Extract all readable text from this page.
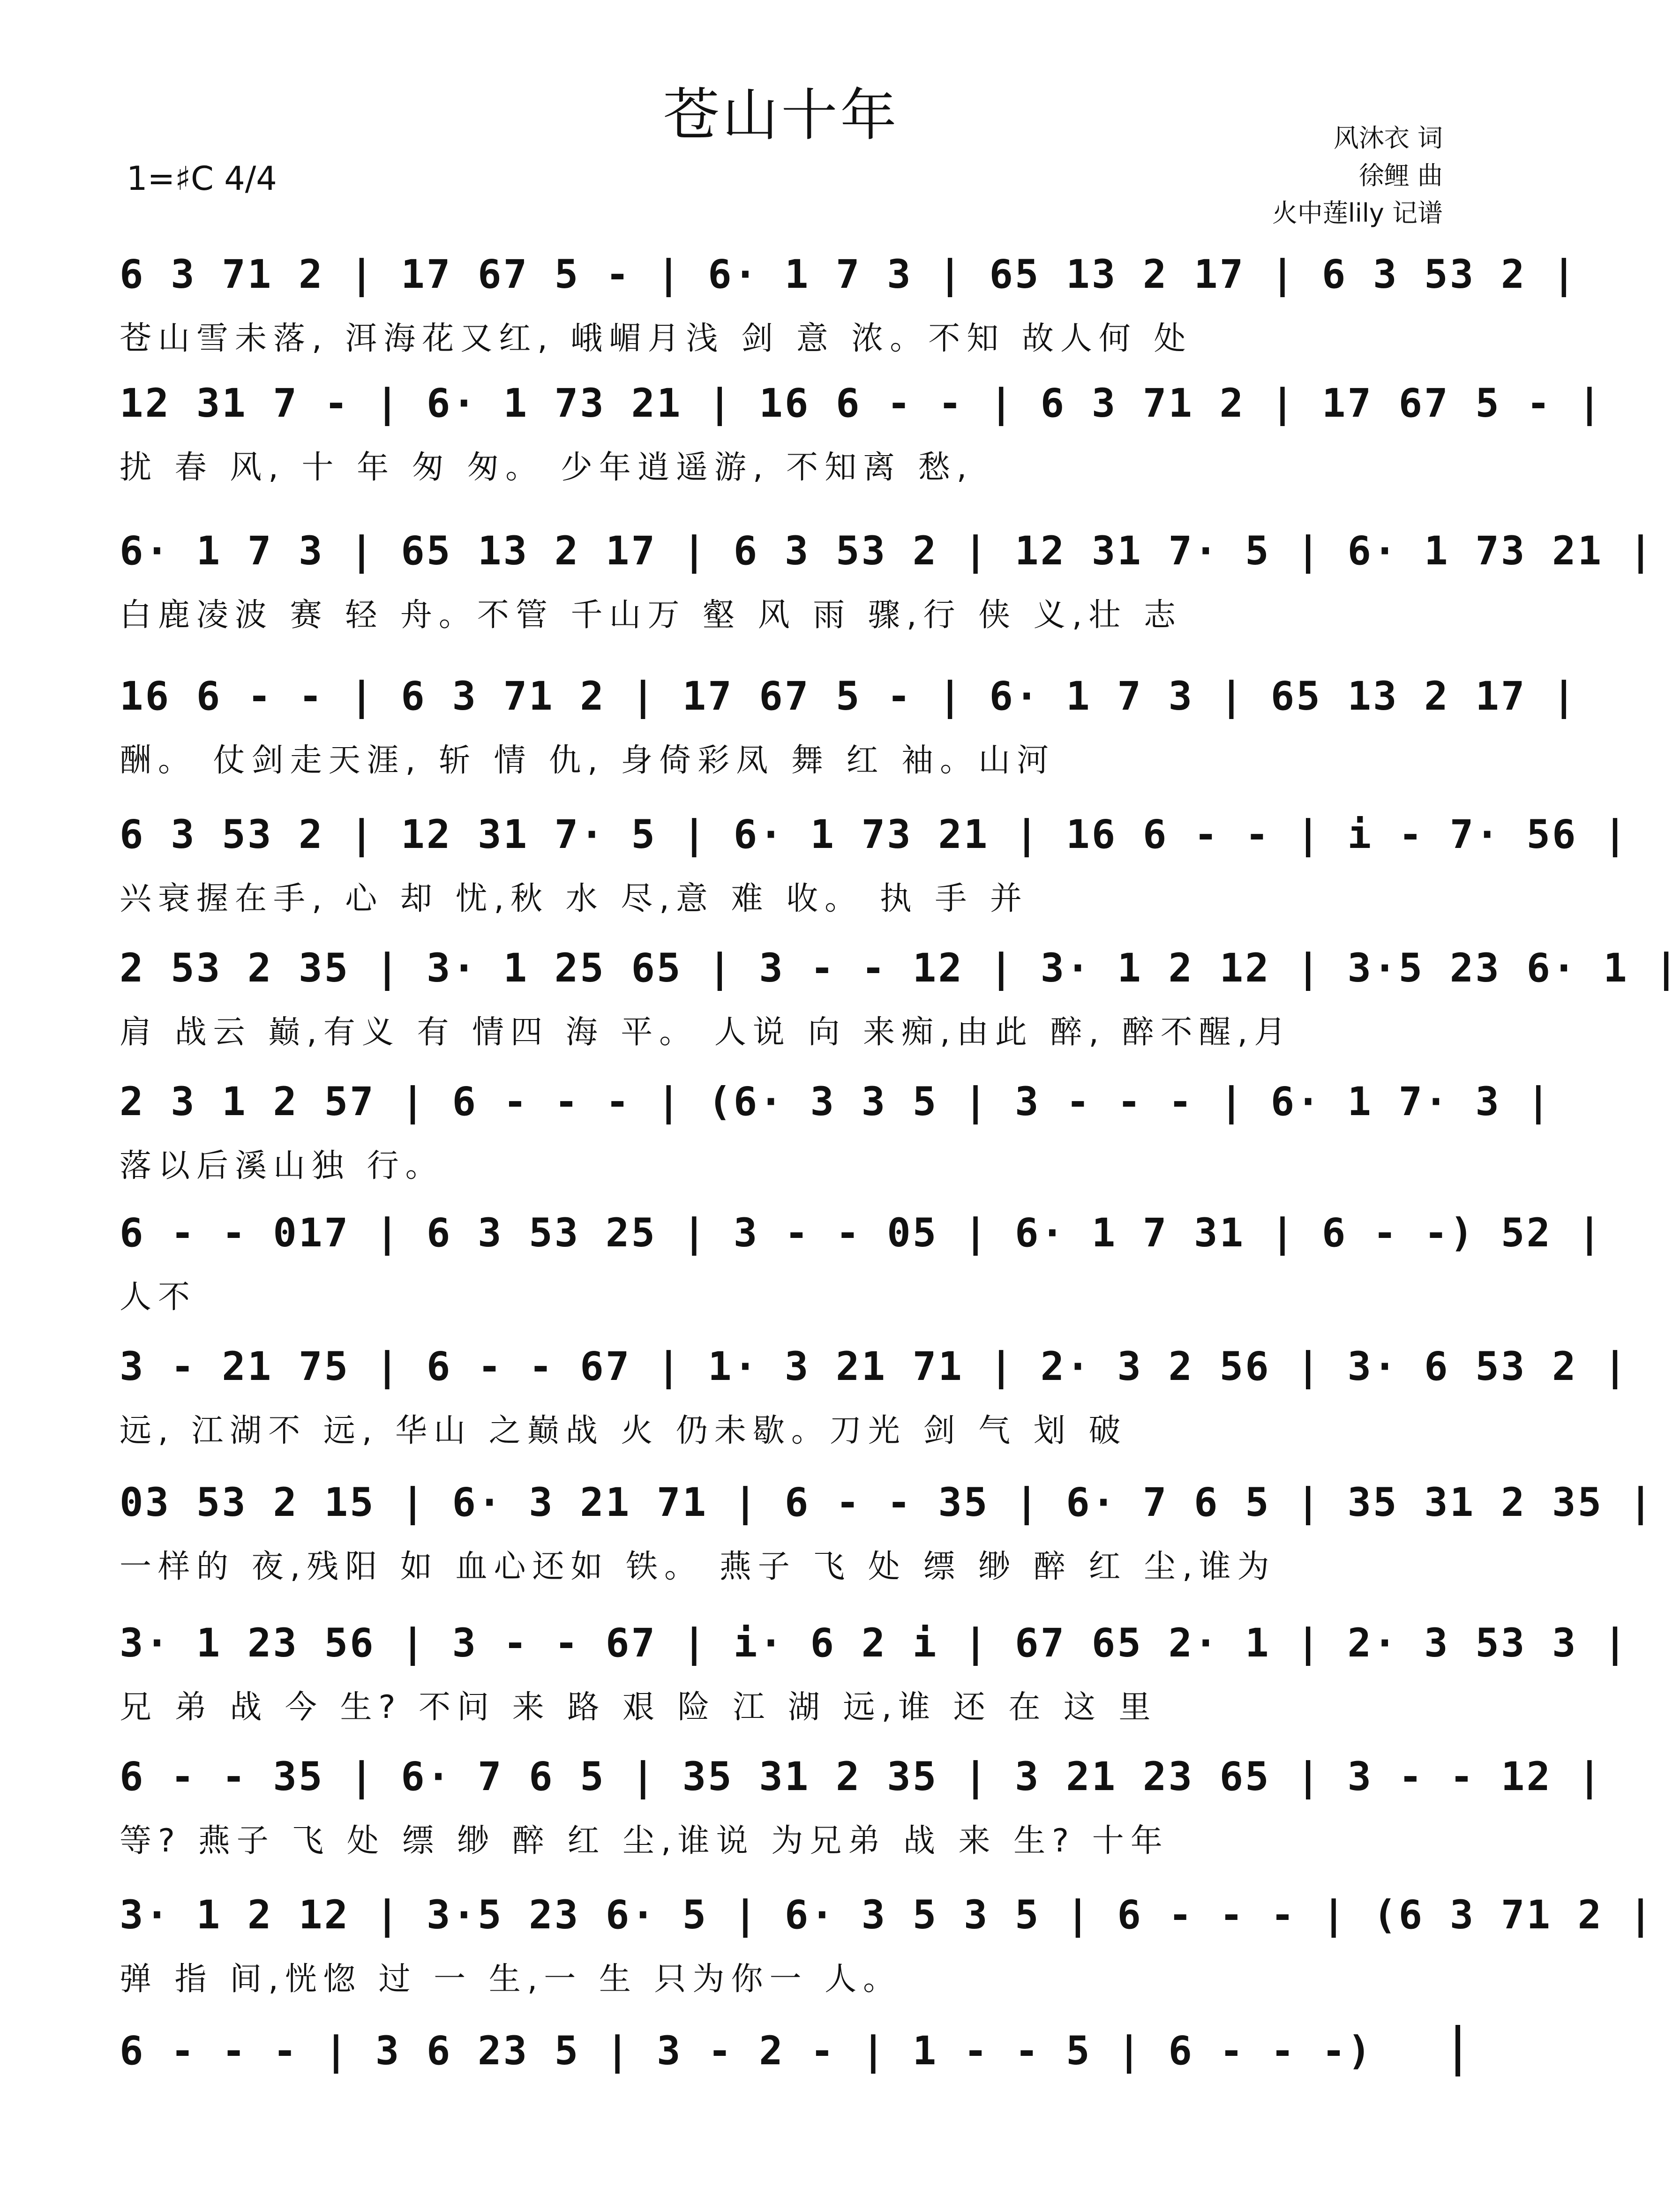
苍山十年
1=♯C 4/4
风沐衣 词
徐鲤 曲
火中莲lily 记谱
6 3 71 2 | 17 67 5 - | 6· 1 7 3 | 65 13 2 17 | 6 3 53 2 |
苍山雪未落, 洱海花又红, 峨嵋月浅 剑 意 浓。不知 故人何 处
12 31 7 - | 6· 1 73 21 | 16 6 - - | 6 3 71 2 | 17 67 5 - |
扰 春 风, 十 年 匆 匆。 少年逍遥游, 不知离 愁,
6· 1 7 3 | 65 13 2 17 | 6 3 53 2 | 12 31 7· 5 | 6· 1 73 21 |
白鹿凌波 赛 轻 舟。不管 千山万 壑 风 雨 骤,行 侠 义,壮 志
16 6 - - | 6 3 71 2 | 17 67 5 - | 6· 1 7 3 | 65 13 2 17 |
酬。 仗剑走天涯, 斩 情 仇, 身倚彩凤 舞 红 袖。山河
6 3 53 2 | 12 31 7· 5 | 6· 1 73 21 | 16 6 - - | i - 7· 56 |
兴衰握在手, 心 却 忧,秋 水 尽,意 难 收。 执 手 并
2 53 2 35 | 3· 1 25 65 | 3 - - 12 | 3· 1 2 12 | 3·5 23 6· 1 |
肩 战云 巅,有义 有 情四 海 平。 人说 向 来痴,由此 醉, 醉不醒,月
2 3 1 2 57 | 6 - - - | (6· 3 3 5 | 3 - - - | 6· 1 7· 3 |
落以后溪山独 行。
6 - - 017 | 6 3 53 25 | 3 - - 05 | 6· 1 7 31 | 6 - -) 52 |
人不
3 - 21 75 | 6 - - 67 | 1· 3 21 71 | 2· 3 2 56 | 3· 6 53 2 |
远, 江湖不 远, 华山 之巅战 火 仍未歇。刀光 剑 气 划 破
03 53 2 15 | 6· 3 21 71 | 6 - - 35 | 6· 7 6 5 | 35 31 2 35 |
一样的 夜,残阳 如 血心还如 铁。 燕子 飞 处 缥 缈 醉 红 尘,谁为
3· 1 23 56 | 3 - - 67 | i· 6 2 i | 67 65 2· 1 | 2· 3 53 3 |
兄 弟 战 今 生? 不问 来 路 艰 险 江 湖 远,谁 还 在 这 里
6 - - 35 | 6· 7 6 5 | 35 31 2 35 | 3 21 23 65 | 3 - - 12 |
等? 燕子 飞 处 缥 缈 醉 红 尘,谁说 为兄弟 战 来 生? 十年
3· 1 2 12 | 3·5 23 6· 5 | 6· 3 5 3 5 | 6 - - - | (6 3 71 2 |
弹 指 间,恍惚 过 一 生,一 生 只为你一 人。
6 - - - | 3 6 23 5 | 3 - 2 - | 1 - - 5 | 6 - - -)
